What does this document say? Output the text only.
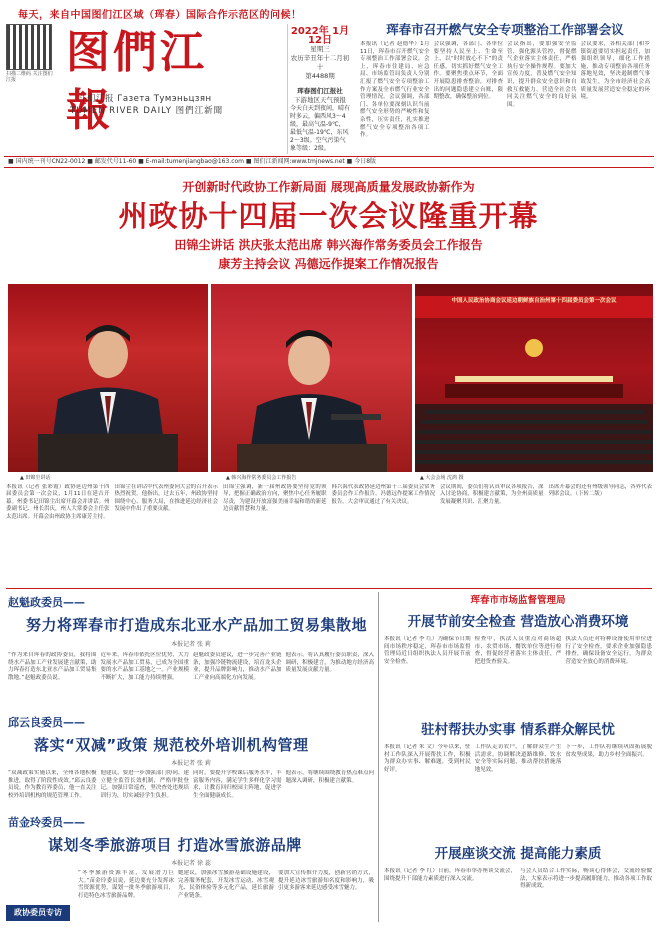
每天，来自中国图们江区域（珲春）国际合作示范区的问候！
扫描二维码 关注图们江报
图們江報
斗们江报 Газета Тумэньцзян
TUMEN RIVER DAILY 图們江新聞
2022年 1月12日
星期三
农历辛丑年十二月初十
第4488期
珲春图们江报社
下游地区天气预报
今天白天到夜间，晴有时多云，偏西风3～4级，最高气温-9℃，最低气温-19℃，东风2～3级。空气污染气象等级：2级。
珲春市召开燃气安全专项整治工作部署会议
本报讯（记者 赵德华）1月11日，珲春市召开燃气安全专项整治工作部署会议。会上，珲春市住建局、应急局、市场监管局负责人分别汇报了燃气安全专项整治工作方案及全市燃气行业安全管理情况。会议强调，各部门、各单位要深刻认识当前燃气安全形势的严峻性和复杂性，压实责任，扎实推进燃气安全专项整治各项工作。
会议强调，各部门、各单位要坚持人民至上、生命至上，以“时时放心不下”的责任感，切实抓好燃气安全工作。要聚焦重点环节，全面开展隐患排查整治，对排查出的问题隐患建立台账，限期整改，确保整治到位。
会议指出，要加强安全监管，强化源头管控，督促燃气企业落实主体责任，严格执行安全操作规程。要加大宣传力度，普及燃气安全知识，提升群众安全意识和自救互救能力，营造全社会共同关注燃气安全的良好氛围。
会议要求，各相关部门和乡镇街道要切实担起责任，加强组织领导，细化工作措施，推动专项整治各项任务落地见效，坚决遏制燃气事故发生，为全市经济社会高质量发展营造安全稳定的环境。
■ 国内统一刊号CN22-0012 ■ 邮发代号11-60 ■ E-mail:tumenjiangbao@163.com ■ 图们江新闻网:www.tmjnews.net ■ 今日8版
开创新时代政协工作新局面 展现高质量发展政协新作为
州政协十四届一次会议隆重开幕
田锦尘讲话 洪庆张太范出席 韩兴海作常务委员会工作报告
康芳主持会议 冯德远作提案工作情况报告
▲ 田锦尘讲话	▲ 韩兴海作常务委员会工作报告
中国人民政治协商会议延边朝鲜族自治州第十四届委员会第一次会议
▲ 大会会场 沈鸿 摄
本报讯（记者 张彩霞）政协延边州第十四届委员会第一次会议，1月11日在延吉开幕。州委书记田锦尘出席开幕会并讲话。州委副书记、州长洪庆，州人大常委会主任张太范出席。开幕会由州政协主席康芳主持。
田锦尘在讲话中代表州委向大会的召开表示热烈祝贺。他指出，过去五年，州政协坚持围绕中心、服务大局，在推进延边经济社会发展中作出了重要贡献。
田锦尘强调，新一届州政协要坚持党的领导，把握正确政治方向，聚焦中心任务履职尽责，为建设开放富强美丽幸福和谐的新延边贡献智慧和力量。
韩兴海代表政协延边州第十三届委员会常务委员会作工作报告。冯德远作提案工作情况报告。大会审议通过了有关决议。
会议期间，委员们将认真审议各项报告，深入讨论协商，积极建言献策，为全州高质量发展凝聚共识、汇聚力量。
出席开幕会的还有州级领导同志，各界代表列席会议。（下转二版）
赵魁政委员——
努力将珲春市打造成东北亚水产品加工贸易集散地
本报记者 张 莉
“作为来自珲春的政协委员，我将围绕水产品加工产业发展建言献策，助力珲春打造东北亚水产品加工贸易集散地。”赵魁政委员说。
近年来，珲春市依托区位优势，大力发展水产品加工贸易，已成为全国重要的水产品加工基地之一。产业规模不断扩大，加工能力持续增强。
赵魁政委员建议，进一步完善产业链条，加强冷链物流建设，培育龙头企业，提升品牌影响力，推动水产品加工产业向高端化方向发展。
他表示，将认真履行委员职责，深入调研，积极建言，为推动地方经济高质量发展贡献力量。
邱云良委员——
落实“双减”政策 规范校外培训机构管理
本报记者 张 莉
“双减政策实施以来，全州各地积极推进，取得了阶段性成效。”邱云良委员说，作为教育界委员，他一直关注校外培训机构的规范管理工作。
他建议，要进一步加强部门协同，建立健全监管长效机制，严格审批登记，加强日常巡查，坚决查处违规培训行为，切实减轻学生负担。
同时，要提升学校课后服务水平，丰富服务内容，满足学生多样化学习需求，让教育回归校园主阵地，促进学生全面健康成长。
他表示，将继续围绕教育热点难点问题深入调研，积极建言献策。
苗金玲委员——
谋划冬季旅游项目 打造冰雪旅游品牌
本报记者 徐 蕊
“冬季旅游资源丰富，发展潜力巨大。”苗金玲委员说，延边要充分发挥冰雪资源优势，谋划一批冬季旅游项目，打造特色冰雪旅游品牌。
她建议，加强冰雪旅游基础设施建设，完善服务配套，开发冰雪运动、冰雪观光、民俗体验等多元化产品，延长旅游产业链条。
要加大宣传推介力度，创新营销方式，提升延边冰雪旅游知名度和影响力，吸引更多游客来延边感受冰雪魅力。
政协委员专访
珲春市市场监督管理局
开展节前安全检查 营造放心消费环境
本报讯（记者 李 红）为确保节日期间市场秩序稳定，珲春市市场监督管理局近日组织执法人员开展节前安全检查。
检查中，执法人员重点对商场超市、农贸市场、餐饮单位等进行检查，督促经营者落实主体责任，严把进货查验关。
执法人员还对特种设备使用单位进行了安全检查，要求企业加强隐患排查，确保设备安全运行，为群众营造安全放心的消费环境。
驻村帮扶办实事 情系群众解民忧
本报讯（记者 朱 文）今年以来，驻村工作队深入开展帮扶工作，积极为群众办实事、解难题，受到村民好评。
工作队走访农户，了解群众生产生活需求，协调解决道路维修、饮水安全等实际问题，推动帮扶措施落地见效。
下一步，工作队将继续巩固拓展脱贫攻坚成果，助力乡村全面振兴。
开展座谈交流 提高能力素质
本报讯（记者 李 红）日前，珲春市举办座谈交流会，围绕提升干部能力素质进行深入交流。
与会人员结合工作实际，畅谈心得体会，交流经验做法，大家表示将进一步提高履职能力，推动各项工作取得新成效。
